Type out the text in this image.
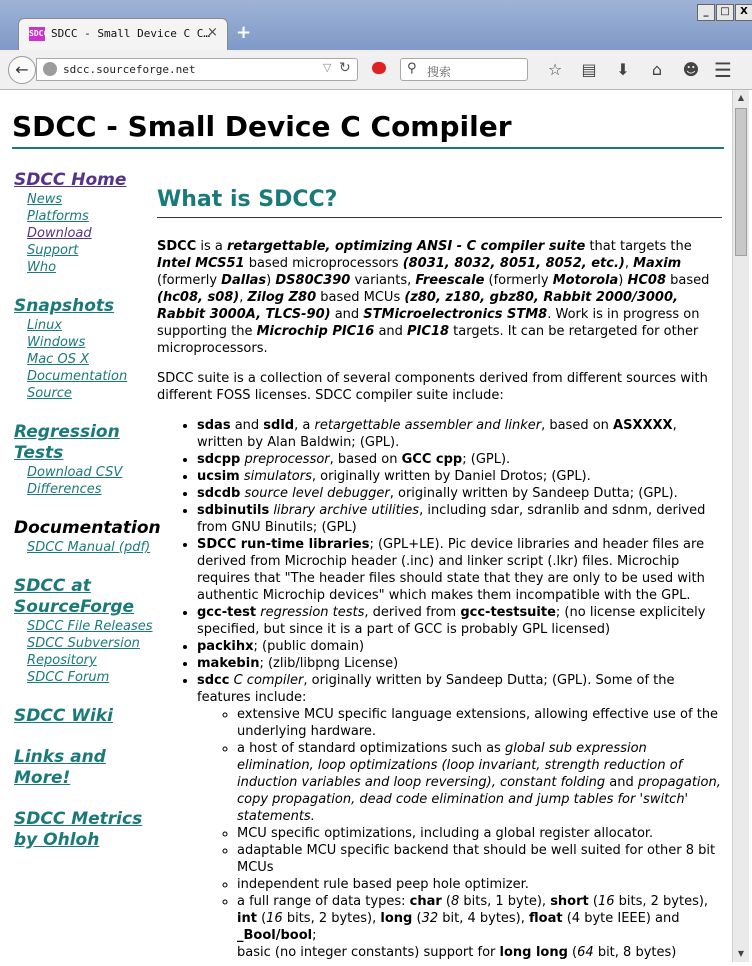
SDCC SDCC - Small Device C C…
× +
_	□	X
←	sdcc.sourceforge.net	▽ ↻	⚲ 搜索	☆	▤	⬇	⌂	☻ ☰
SDCC - Small Device C Compiler
SDCC Home
News
Platforms
Download
Support
Who
Snapshots
Linux
Windows
Mac OS X
Documentation
Source
Regression Tests
Download CSV
Differences
Documentation
SDCC Manual (pdf)
SDCC at SourceForge
SDCC File Releases
SDCC Subversion
Repository
SDCC Forum
SDCC Wiki
Links and More!
SDCC Metrics by Ohloh
What is SDCC?

SDCC is a retargettable, optimizing ANSI - C compiler suite that targets the Intel MCS51 based microprocessors (8031, 8032, 8051, 8052, etc.), Maxim (formerly Dallas) DS80C390 variants, Freescale (formerly Motorola) HC08 based (hc08, s08), Zilog Z80 based MCUs (z80, z180, gbz80, Rabbit 2000/3000, Rabbit 3000A, TLCS-90) and STMicroelectronics STM8. Work is in progress on supporting the Microchip PIC16 and PIC18 targets. It can be retargeted for other microprocessors.

SDCC suite is a collection of several components derived from different sources with different FOSS licenses. SDCC compiler suite include:

• sdas and sdld, a retargettable assembler and linker, based on ASXXXX, written by Alan Baldwin; (GPL).
• sdcpp preprocessor, based on GCC cpp; (GPL).
• ucsim simulators, originally written by Daniel Drotos; (GPL).
• sdcdb source level debugger, originally written by Sandeep Dutta; (GPL).
• sdbinutils library archive utilities, including sdar, sdranlib and sdnm, derived from GNU Binutils; (GPL)
• SDCC run-time libraries; (GPL+LE). Pic device libraries and header files are derived from Microchip header (.inc) and linker script (.lkr) files. Microchip requires that "The header files should state that they are only to be used with authentic Microchip devices" which makes them incompatible with the GPL.
• gcc-test regression tests, derived from gcc-testsuite; (no license explicitely specified, but since it is a part of GCC is probably GPL licensed)
• packihx; (public domain)
• makebin; (zlib/libpng License)
• sdcc C compiler, originally written by Sandeep Dutta; (GPL). Some of the features include:
◦ extensive MCU specific language extensions, allowing effective use of the underlying hardware.
◦ a host of standard optimizations such as global sub expression elimination, loop optimizations (loop invariant, strength reduction of induction variables and loop reversing), constant folding and propagation, copy propagation, dead code elimination and jump tables for 'switch' statements.
◦ MCU specific optimizations, including a global register allocator.
◦ adaptable MCU specific backend that should be well suited for other 8 bit MCUs
◦ independent rule based peep hole optimizer.
◦ a full range of data types: char (8 bits, 1 byte), short (16 bits, 2 bytes), int (16 bits, 2 bytes), long (32 bit, 4 bytes), float (4 byte IEEE) and _Bool/bool;
basic (no integer constants) support for long long (64 bit, 8 bytes)
▲
▼
